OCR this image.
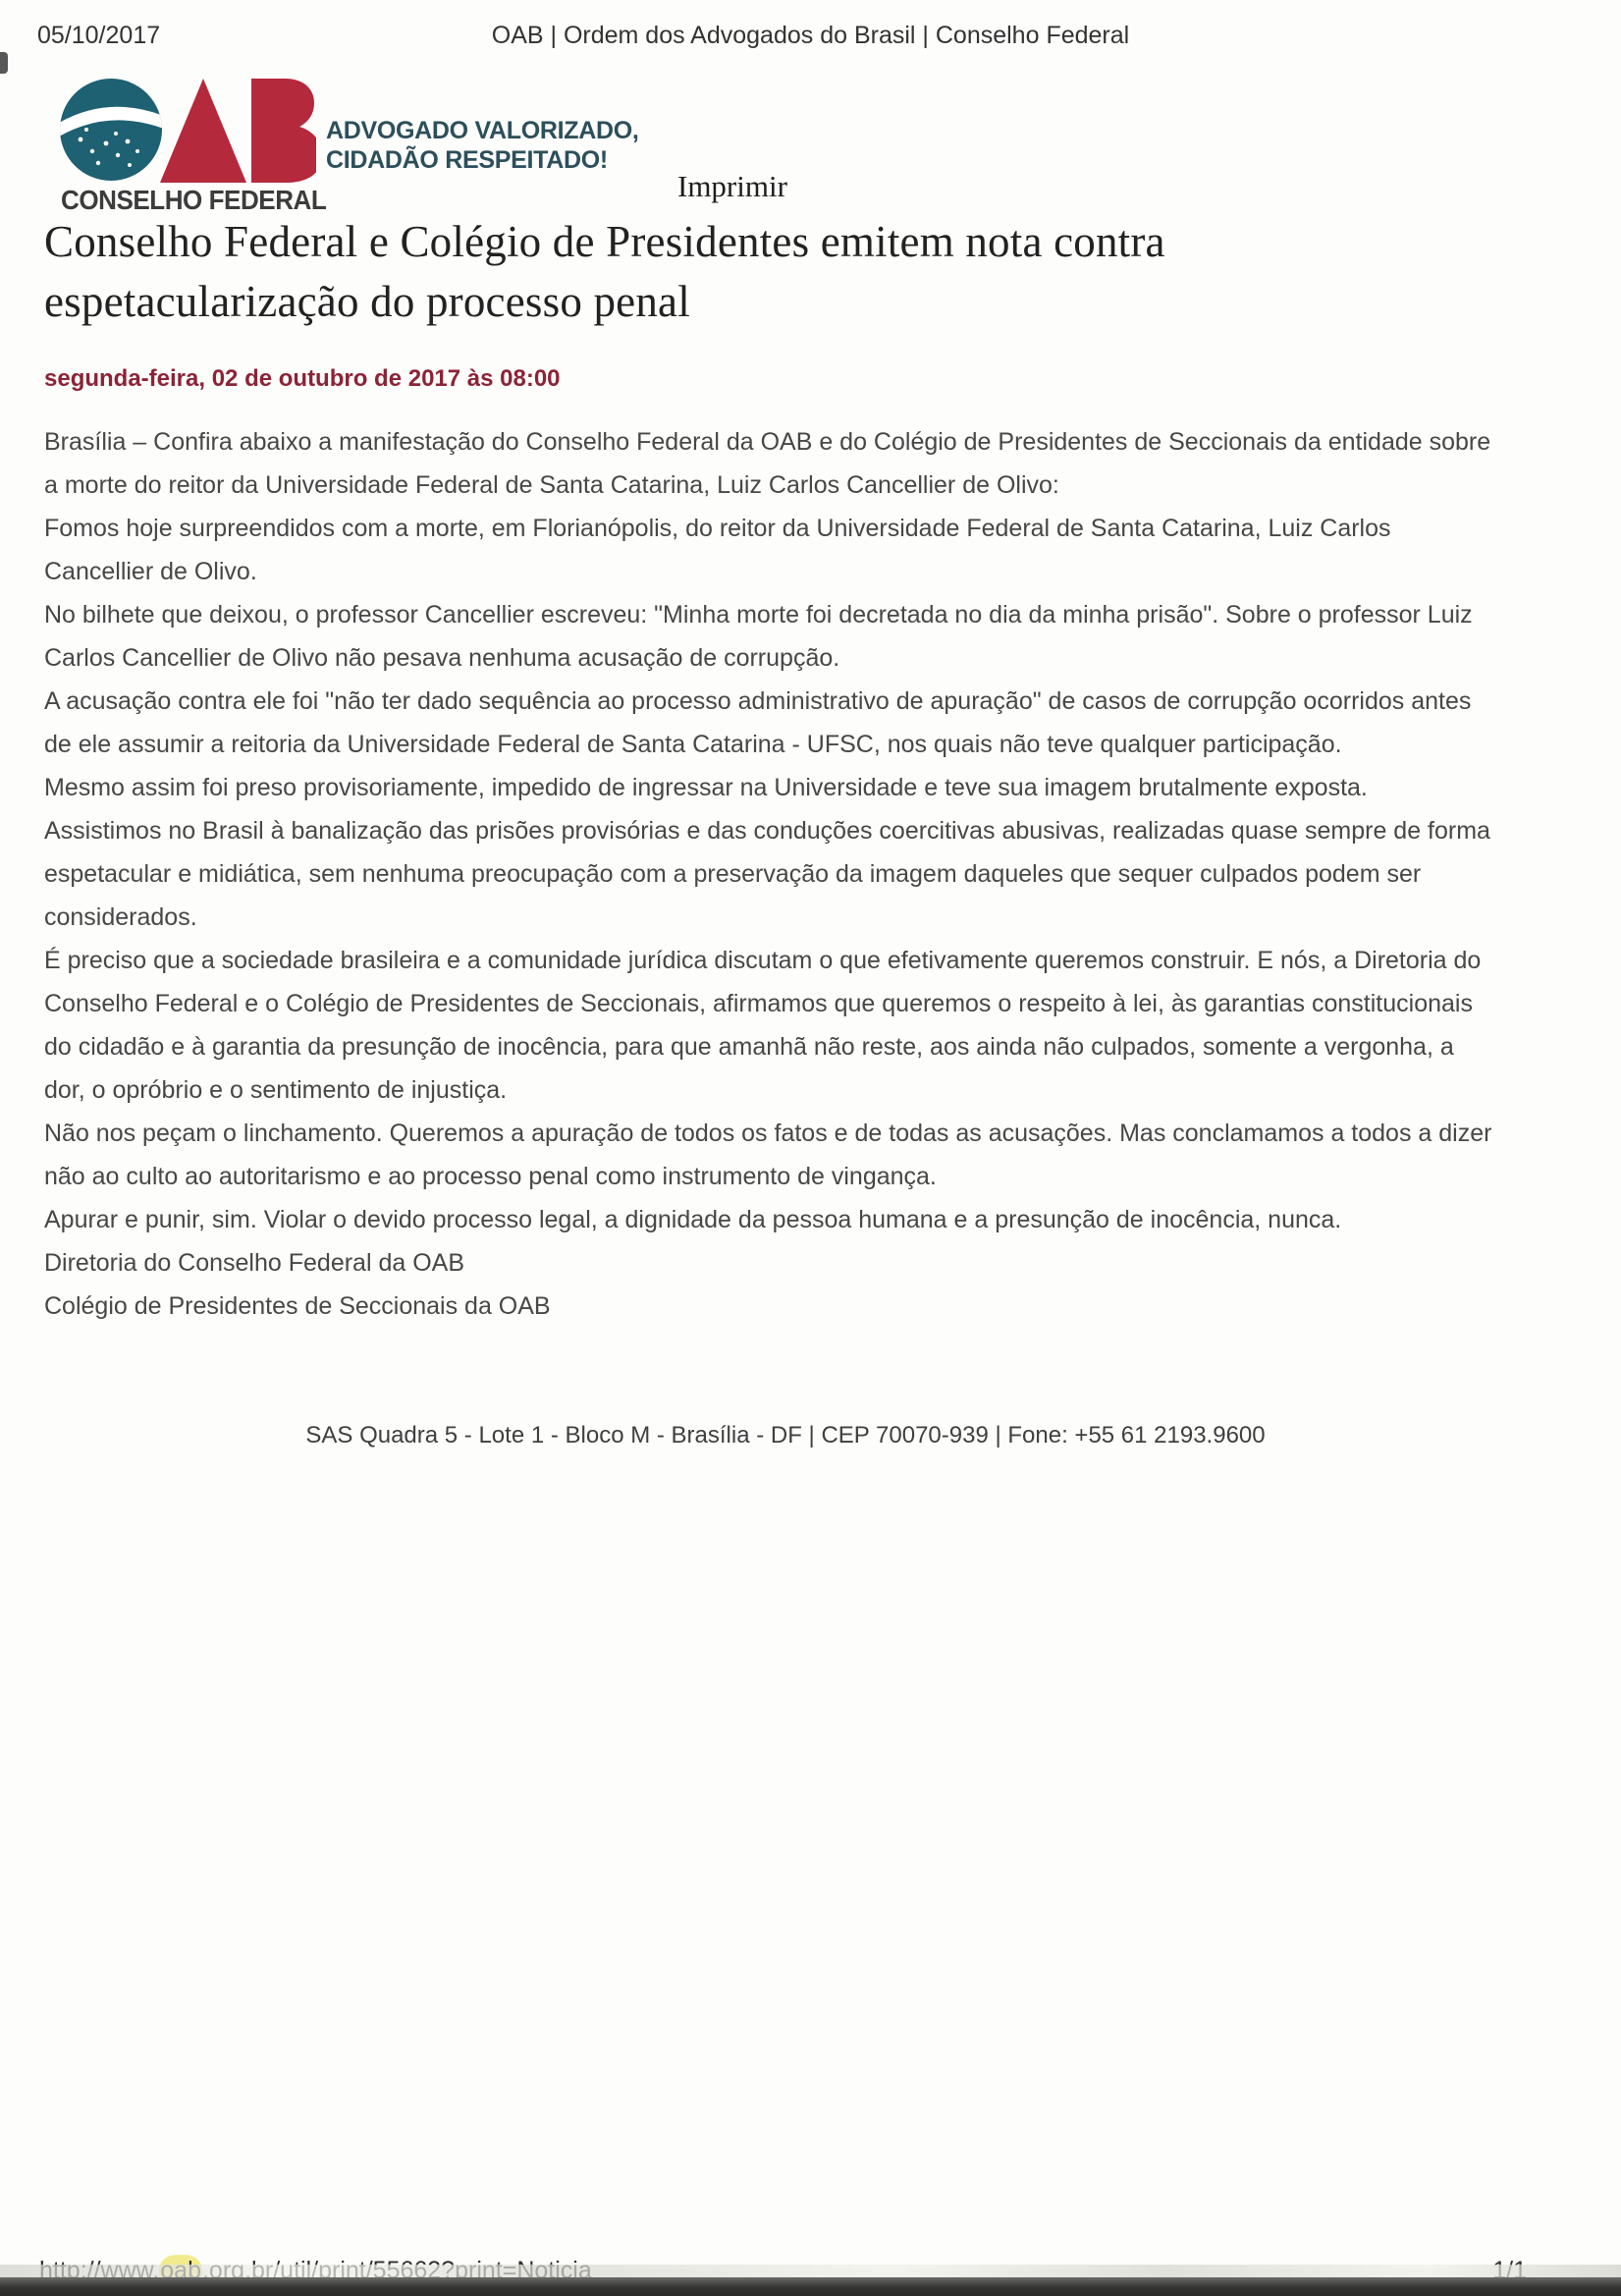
05/10/2017	OAB | Ordem dos Advogados do Brasil | Conselho Federal
CONSELHO FEDERAL
ADVOGADO VALORIZADO,
CIDADÃO RESPEITADO!
Imprimir
Conselho Federal e Colégio de Presidentes emitem nota contra espetacularização do processo penal
segunda-feira, 02 de outubro de 2017 às 08:00

Brasília – Confira abaixo a manifestação do Conselho Federal da OAB e do Colégio de Presidentes de Seccionais da entidade sobre a morte do reitor da Universidade Federal de Santa Catarina, Luiz Carlos Cancellier de Olivo:

Fomos hoje surpreendidos com a morte, em Florianópolis, do reitor da Universidade Federal de Santa Catarina, Luiz Carlos Cancellier de Olivo.

No bilhete que deixou, o professor Cancellier escreveu: "Minha morte foi decretada no dia da minha prisão". Sobre o professor Luiz Carlos Cancellier de Olivo não pesava nenhuma acusação de corrupção.

A acusação contra ele foi "não ter dado sequência ao processo administrativo de apuração" de casos de corrupção ocorridos antes de ele assumir a reitoria da Universidade Federal de Santa Catarina - UFSC, nos quais não teve qualquer participação.

Mesmo assim foi preso provisoriamente, impedido de ingressar na Universidade e teve sua imagem brutalmente exposta.

Assistimos no Brasil à banalização das prisões provisórias e das conduções coercitivas abusivas, realizadas quase sempre de forma espetacular e midiática, sem nenhuma preocupação com a preservação da imagem daqueles que sequer culpados podem ser considerados.

É preciso que a sociedade brasileira e a comunidade jurídica discutam o que efetivamente queremos construir. E nós, a Diretoria do Conselho Federal e o Colégio de Presidentes de Seccionais, afirmamos que queremos o respeito à lei, às garantias constitucionais do cidadão e à garantia da presunção de inocência, para que amanhã não reste, aos ainda não culpados, somente a vergonha, a dor, o opróbrio e o sentimento de injustiça.

Não nos peçam o linchamento. Queremos a apuração de todos os fatos e de todas as acusações. Mas conclamamos a todos a dizer não ao culto ao autoritarismo e ao processo penal como instrumento de vingança.

Apurar e punir, sim. Violar o devido processo legal, a dignidade da pessoa humana e a presunção de inocência, nunca.

Diretoria do Conselho Federal da OAB

Colégio de Presidentes de Seccionais da OAB

SAS Quadra 5 - Lote 1 - Bloco M - Brasília - DF | CEP 70070-939 | Fone: +55 61 2193.9600
